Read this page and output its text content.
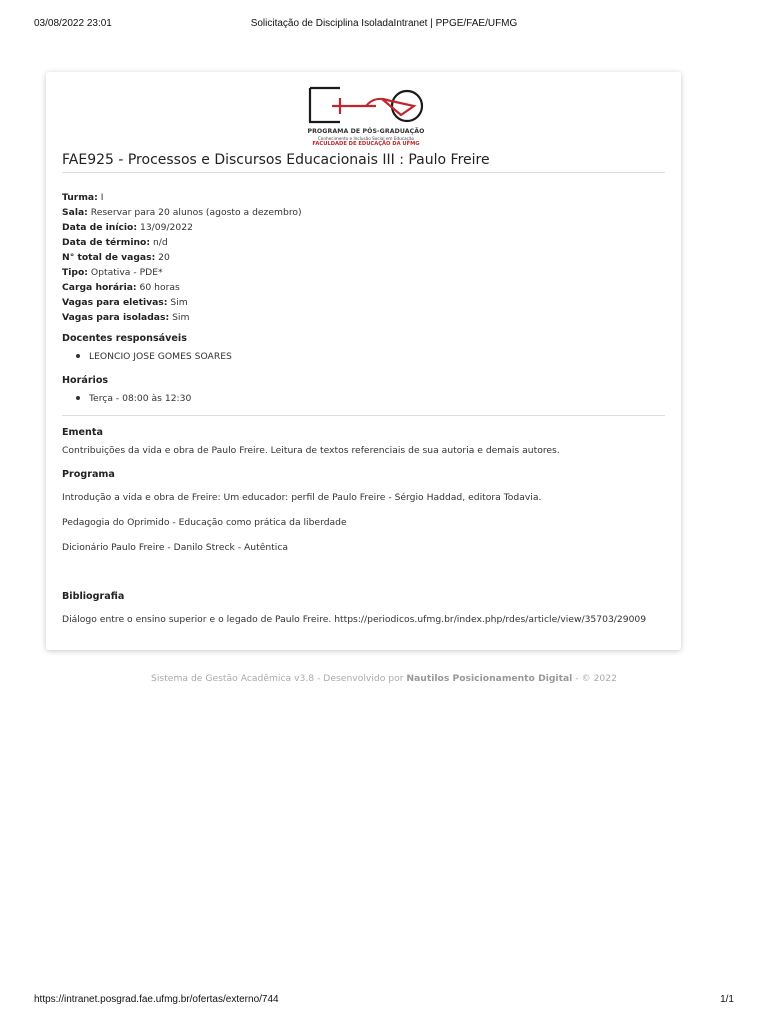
03/08/2022 23:01	Solicitação de Disciplina IsoladaIntranet | PPGE/FAE/UFMG
PROGRAMA DE PÓS-GRADUAÇÃO
Conhecimento e Inclusão Social em Educação
FACULDADE DE EDUCAÇÃO DA UFMG
FAE925 - Processos e Discursos Educacionais III : Paulo Freire
Turma: I
Sala: Reservar para 20 alunos (agosto a dezembro)
Data de início: 13/09/2022
Data de término: n/d
N° total de vagas: 20
Tipo: Optativa - PDE*
Carga horária: 60 horas
Vagas para eletivas: Sim
Vagas para isoladas: Sim
Docentes responsáveis
LEONCIO JOSE GOMES SOARES
Horários
Terça - 08:00 às 12:30
Ementa
Contribuições da vida e obra de Paulo Freire. Leitura de textos referenciais de sua autoria e demais autores.
Programa
Introdução a vida e obra de Freire: Um educador: perfil de Paulo Freire - Sérgio Haddad, editora Todavia.
Pedagogia do Oprimido - Educação como prática da liberdade
Dicionário Paulo Freire - Danilo Streck - Autêntica
Bibliografia
Diálogo entre o ensino superior e o legado de Paulo Freire. https://periodicos.ufmg.br/index.php/rdes/article/view/35703/29009
Sistema de Gestão Acadêmica v3.8 - Desenvolvido por Nautilos Posicionamento Digital - © 2022
https://intranet.posgrad.fae.ufmg.br/ofertas/externo/744	1/1
